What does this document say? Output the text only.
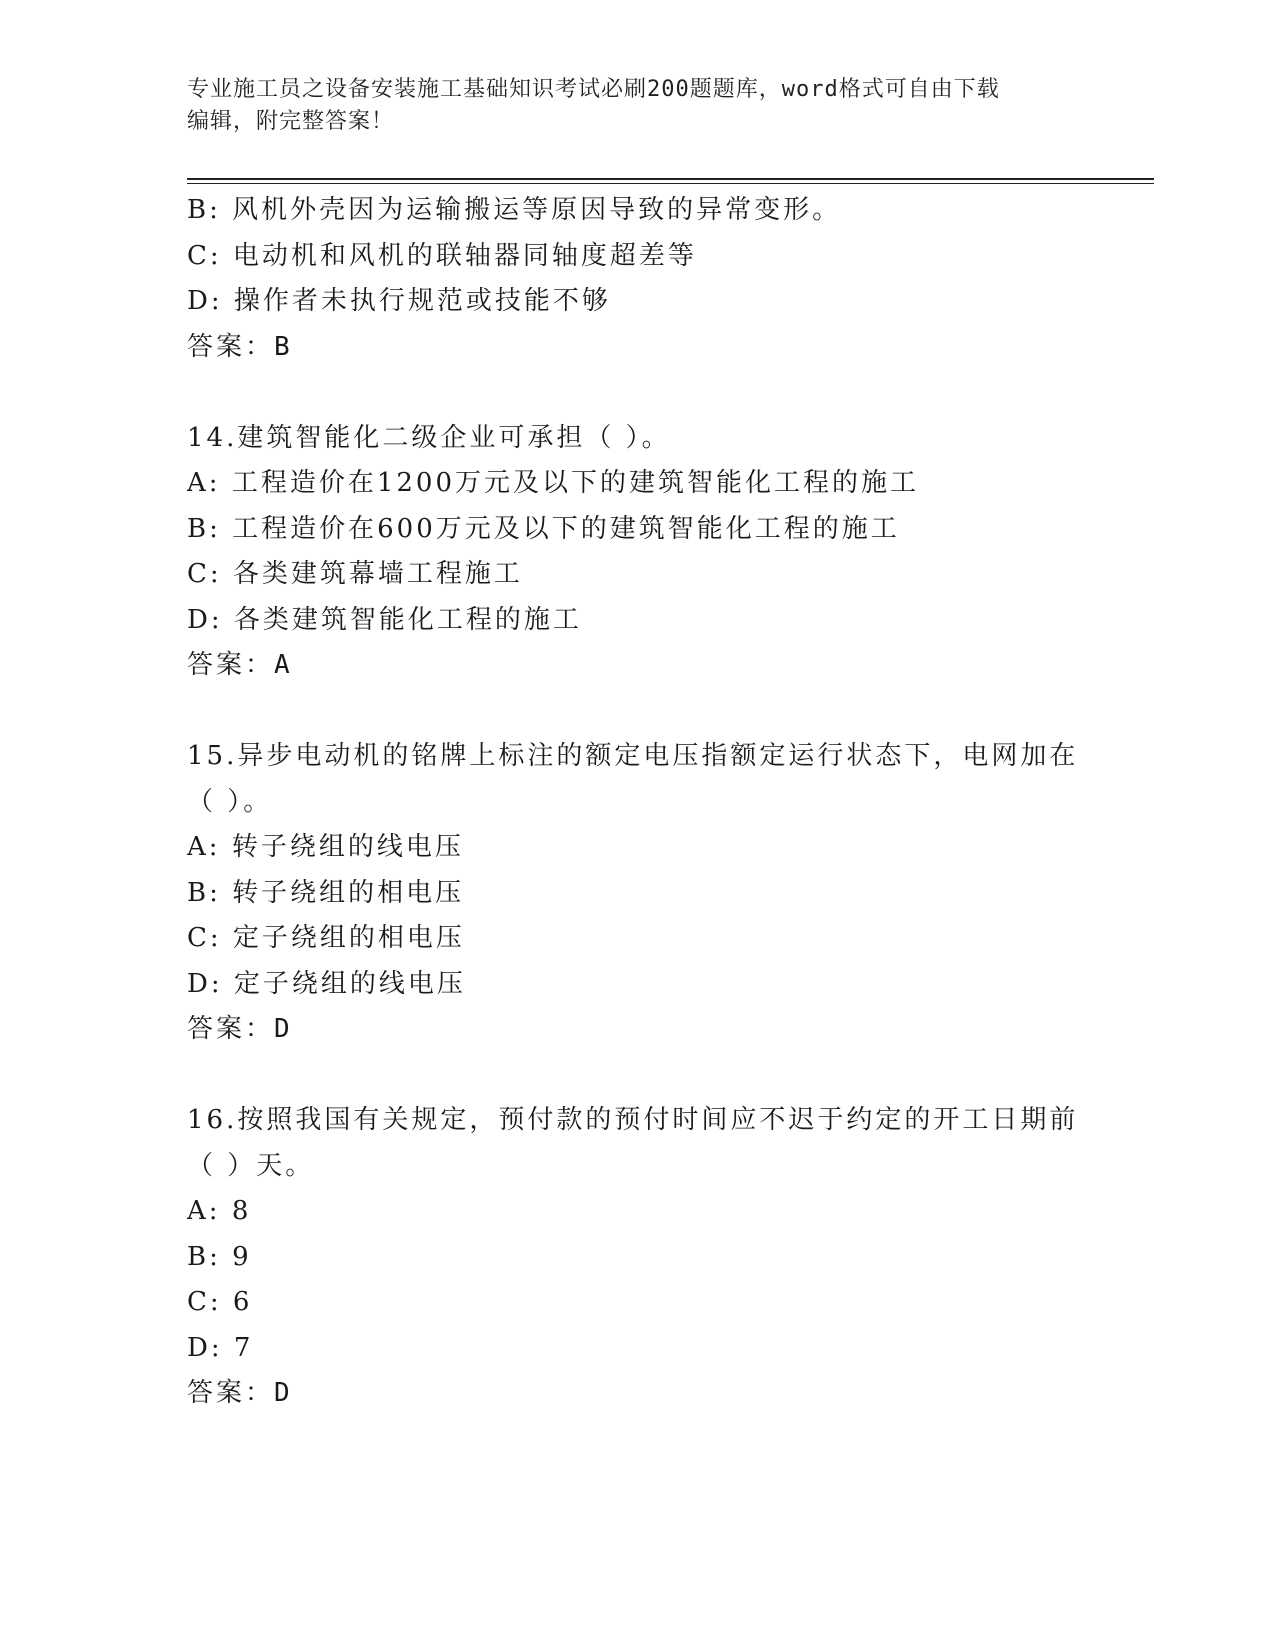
专业施工员之设备安装施工基础知识考试必刷200题题库，word格式可自由下载
编辑，附完整答案！
B: 风机外壳因为运输搬运等原因导致的异常变形。
C: 电动机和风机的联轴器同轴度超差等
D: 操作者未执行规范或技能不够
答案：B
14.建筑智能化二级企业可承担（ ）。
A: 工程造价在1200万元及以下的建筑智能化工程的施工
B: 工程造价在600万元及以下的建筑智能化工程的施工
C: 各类建筑幕墙工程施工
D: 各类建筑智能化工程的施工
答案：A
15.异步电动机的铭牌上标注的额定电压指额定运行状态下，电网加在
（ ）。
A: 转子绕组的线电压
B: 转子绕组的相电压
C: 定子绕组的相电压
D: 定子绕组的线电压
答案：D
16.按照我国有关规定，预付款的预付时间应不迟于约定的开工日期前
（ ）天。
A: 8
B: 9
C: 6
D: 7
答案：D
